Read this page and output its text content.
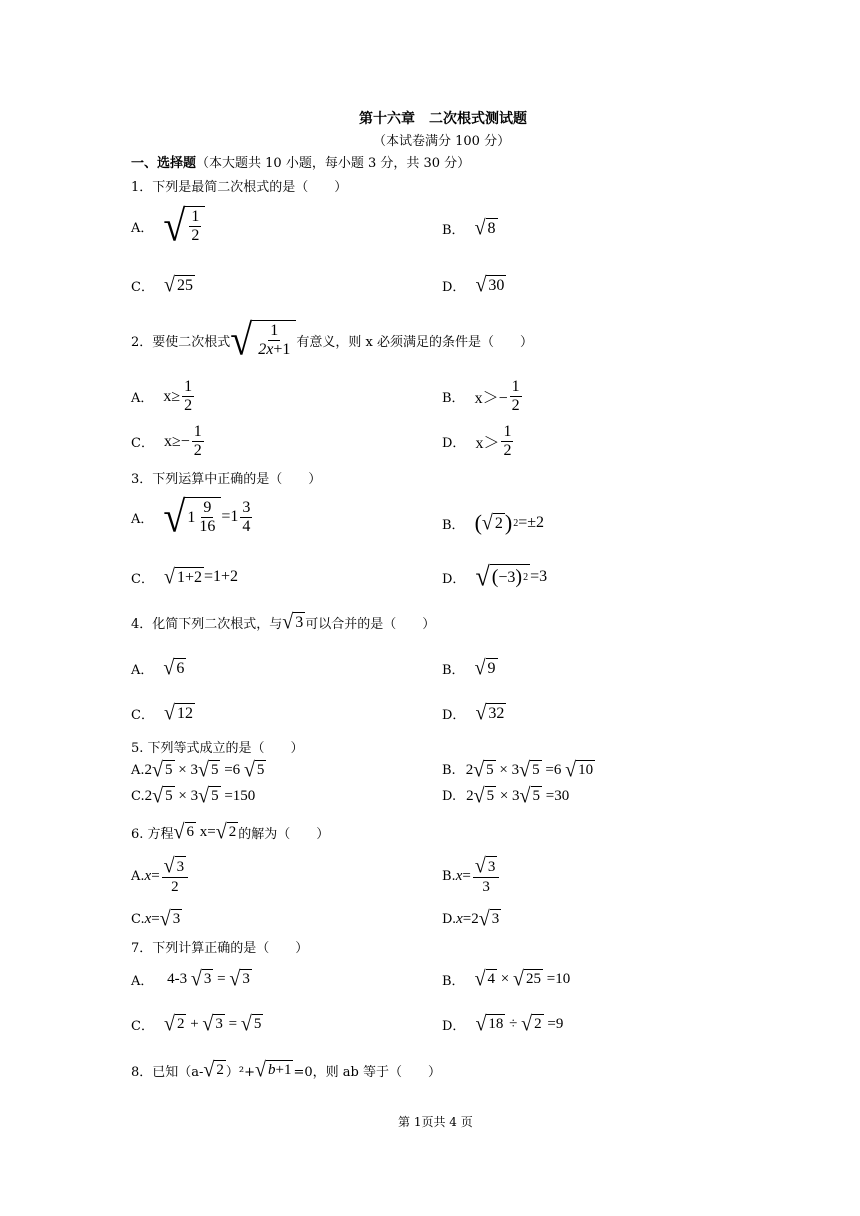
第十六章　二次根式测试题
（本试卷满分 100 分）
一、选择题（本大题共 10 小题，每小题 3 分，共 30 分）
1．下列是最简二次根式的是（　　）
A． √ $\frac{1}{2}$	B． √ 8
C． √ 25	D． √ 30
2．要使二次根式 √ $\frac{1}{2x+1}$ 有意义，则 x 必须满足的条件是（　　）
A． $x\ge \frac{1}{2}$	B． $x>- \frac{1}{2}$
C． $x\ge- \frac{1}{2}$	D． $x> \frac{1}{2}$
3．下列运算中正确的是（　　）
A． √ $1 \frac{9}{16} =1 \frac{3}{4}$	B． ( √ 2 ) 2 =±2
C． √ 1+2 =1+2	D． √ ( −3 ) 2 =3
4．化简下列二次根式，与 √ 3 可以合并的是（　　）
A． √ 6	B． √ 9
C． √ 12	D． √ 32
5. 下列等式成立的是（　　）
A. 2 √ 5 × 3 √ 5 =6 √ 5	B. 2 √ 5 × 3 √ 5 =6 √ 10
C. 2 √ 5 × 3 √ 5 =150	D. 2 √ 5 × 3 √ 5 =30
6. 方程 √ 6 x= √ 2 的解为（　　）
A. $x = \frac{√ 3}{2}$	B. $x = \frac{√ 3}{3}$
C. x = √ 3	D. x =2 √ 3
7．下列计算正确的是（　　）
A． 4-3 √ 3 = √ 3	B． √ 4 × √ 25 =10
C． √ 2 + √ 3 = √ 5	D． √ 18 ÷ √ 2 =9
8．已知（a- √ 2 ）²+ √ b +1 =0，则 ab 等于（　　）
第 1页共 4 页
